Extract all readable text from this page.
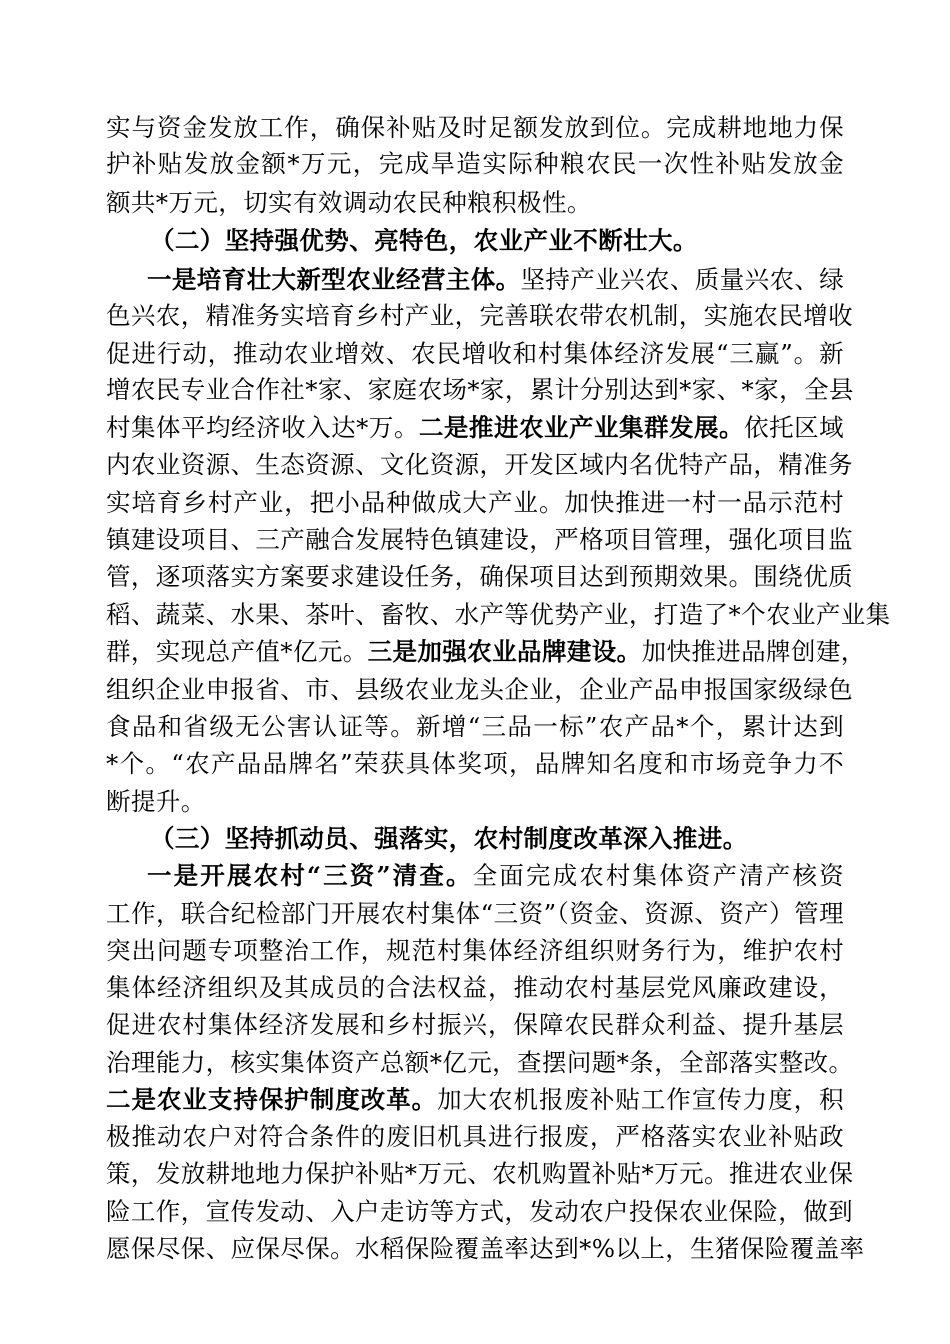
实与资金发放工作，确保补贴及时足额发放到位。完成耕地地力保
护补贴发放金额*万元，完成旱造实际种粮农民一次性补贴发放金
额共*万元，切实有效调动农民种粮积极性。
（二）坚持强优势、亮特色，农业产业不断壮大。
一是培育壮大新型农业经营主体。坚持产业兴农、质量兴农、绿
色兴农，精准务实培育乡村产业，完善联农带农机制，实施农民增收
促进行动，推动农业增效、农民增收和村集体经济发展“三赢”。新
增农民专业合作社*家、家庭农场*家，累计分别达到*家、*家，全县
村集体平均经济收入达*万。二是推进农业产业集群发展。依托区域
内农业资源、生态资源、文化资源，开发区域内名优特产品，精准务
实培育乡村产业，把小品种做成大产业。加快推进一村一品示范村
镇建设项目、三产融合发展特色镇建设，严格项目管理，强化项目监
管，逐项落实方案要求建设任务，确保项目达到预期效果。围绕优质
稻、蔬菜、水果、茶叶、畜牧、水产等优势产业，打造了*个农业产业集
群，实现总产值*亿元。三是加强农业品牌建设。加快推进品牌创建，
组织企业申报省、市、县级农业龙头企业，企业产品申报国家级绿色
食品和省级无公害认证等。新增“三品一标”农产品*个，累计达到
*个。“农产品品牌名”荣获具体奖项，品牌知名度和市场竞争力不
断提升。
（三）坚持抓动员、强落实，农村制度改革深入推进。
一是开展农村“三资”清查。全面完成农村集体资产清产核资
工作，联合纪检部门开展农村集体“三资”（资金、资源、资产）管理
突出问题专项整治工作，规范村集体经济组织财务行为，维护农村
集体经济组织及其成员的合法权益，推动农村基层党风廉政建设，
促进农村集体经济发展和乡村振兴，保障农民群众利益、提升基层
治理能力，核实集体资产总额*亿元，查摆问题*条，全部落实整改。
二是农业支持保护制度改革。加大农机报废补贴工作宣传力度，积
极推动农户对符合条件的废旧机具进行报废，严格落实农业补贴政
策，发放耕地地力保护补贴*万元、农机购置补贴*万元。推进农业保
险工作，宣传发动、入户走访等方式，发动农户投保农业保险，做到
愿保尽保、应保尽保。水稻保险覆盖率达到*%以上，生猪保险覆盖率
